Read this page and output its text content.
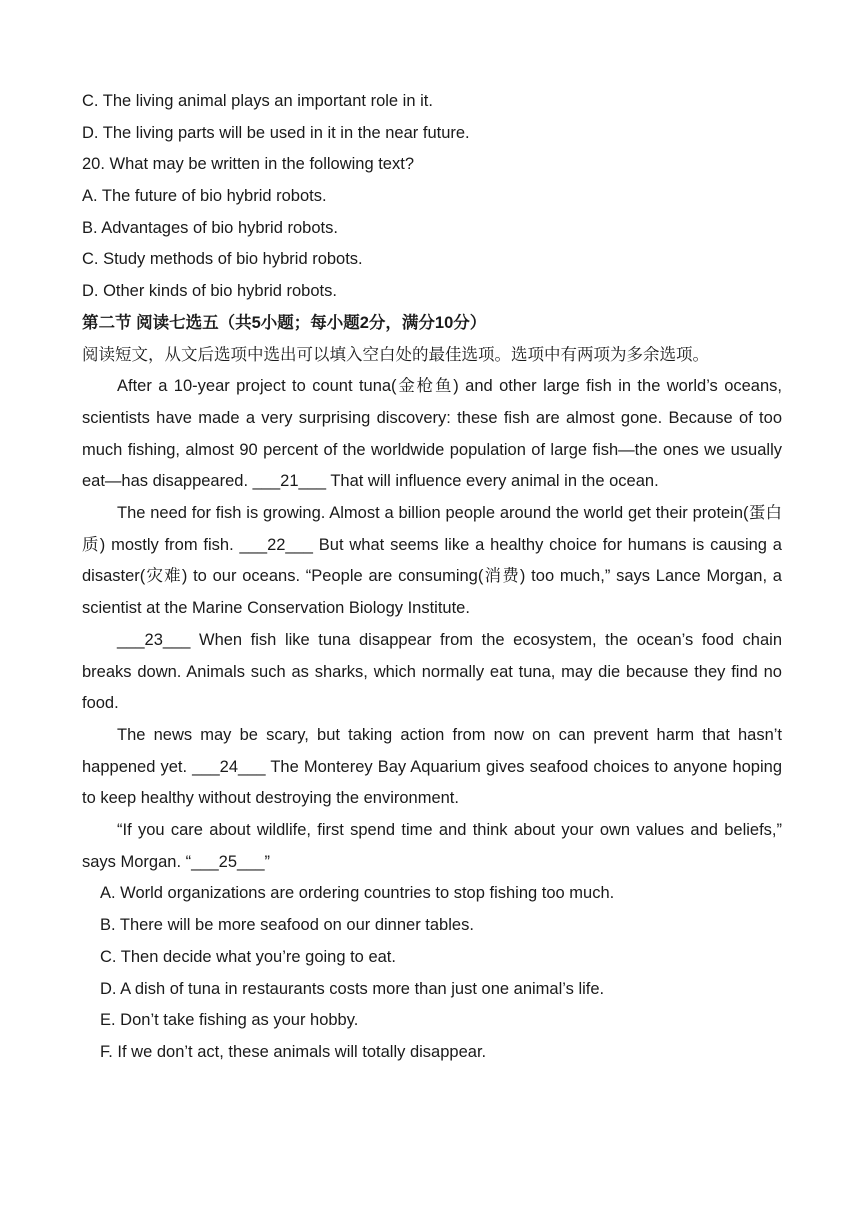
C. The living animal plays an important role in it.
D. The living parts will be used in it in the near future.
20. What may be written in the following text?
A. The future of bio hybrid robots.
B. Advantages of bio hybrid robots.
C. Study methods of bio hybrid robots.
D. Other kinds of bio hybrid robots.
第二节 阅读七选五（共5小题；每小题2分，满分10分）
阅读短文，从文后选项中选出可以填入空白处的最佳选项。选项中有两项为多余选项。

After a 10-year project to count tuna(金枪鱼) and other large fish in the world’s oceans, scientists have made a very surprising discovery: these fish are almost gone. Because of too much fishing, almost 90 percent of the worldwide population of large fish—the ones we usually eat—has disappeared. ___21___ That will influence every animal in the ocean.

The need for fish is growing. Almost a billion people around the world get their protein(蛋白质) mostly from fish. ___22___ But what seems like a healthy choice for humans is causing a disaster(灾难) to our oceans. “People are consuming(消费) too much,” says Lance Morgan, a scientist at the Marine Conservation Biology Institute.

___23___ When fish like tuna disappear from the ecosystem, the ocean’s food chain breaks down. Animals such as sharks, which normally eat tuna, may die because they find no food.

The news may be scary, but taking action from now on can prevent harm that hasn’t happened yet. ___24___ The Monterey Bay Aquarium gives seafood choices to anyone hoping to keep healthy without destroying the environment.

“If you care about wildlife, first spend time and think about your own values and beliefs,” says Morgan. “___25___”

A. World organizations are ordering countries to stop fishing too much.
B. There will be more seafood on our dinner tables.
C. Then decide what you’re going to eat.
D. A dish of tuna in restaurants costs more than just one animal’s life.
E. Don’t take fishing as your hobby.
F. If we don’t act, these animals will totally disappear.
